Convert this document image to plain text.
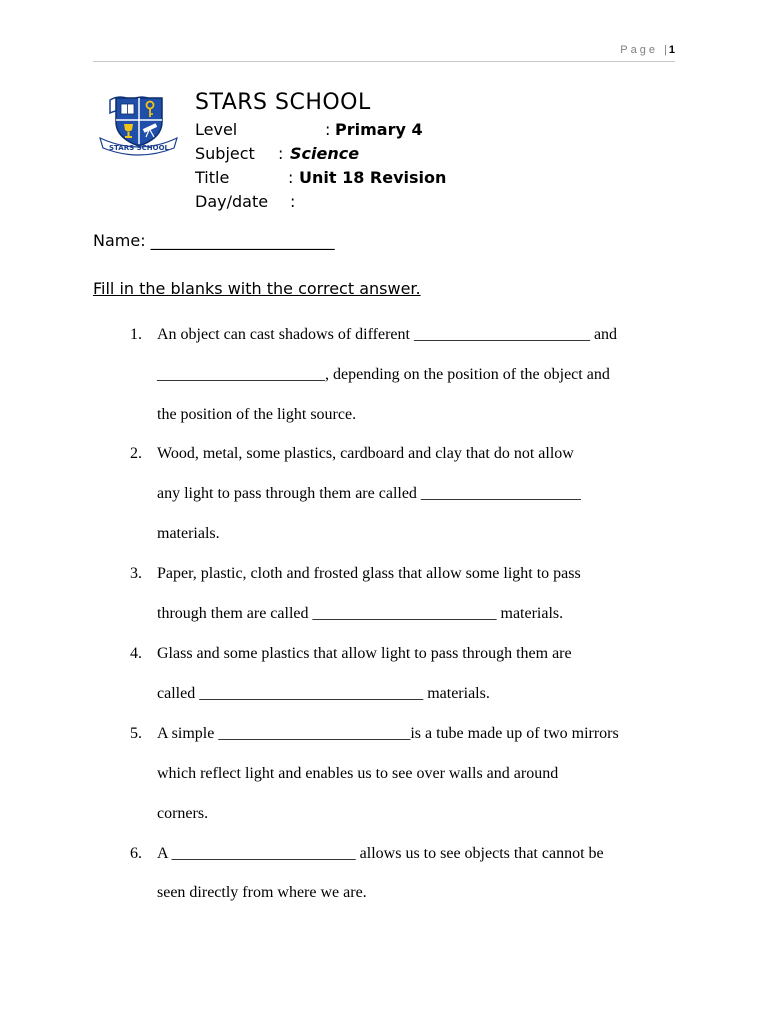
Page | 1
STARS SCHOOL
STARS SCHOOL
Level	: Primary 4
Subject : Science
Title	: Unit 18 Revision
Day/date :
Name: _______________________
Fill in the blanks with the correct answer.
1. An object can cast shadows of different ______________________ and
_____________________, depending on the position of the object and
the position of the light source.
2. Wood, metal, some plastics, cardboard and clay that do not allow
any light to pass through them are called ____________________
materials.
3. Paper, plastic, cloth and frosted glass that allow some light to pass
through them are called _______________________ materials.
4. Glass and some plastics that allow light to pass through them are
called ____________________________ materials.
5. A simple ________________________is a tube made up of two mirrors
which reflect light and enables us to see over walls and around
corners.
6. A _______________________ allows us to see objects that cannot be
seen directly from where we are.
